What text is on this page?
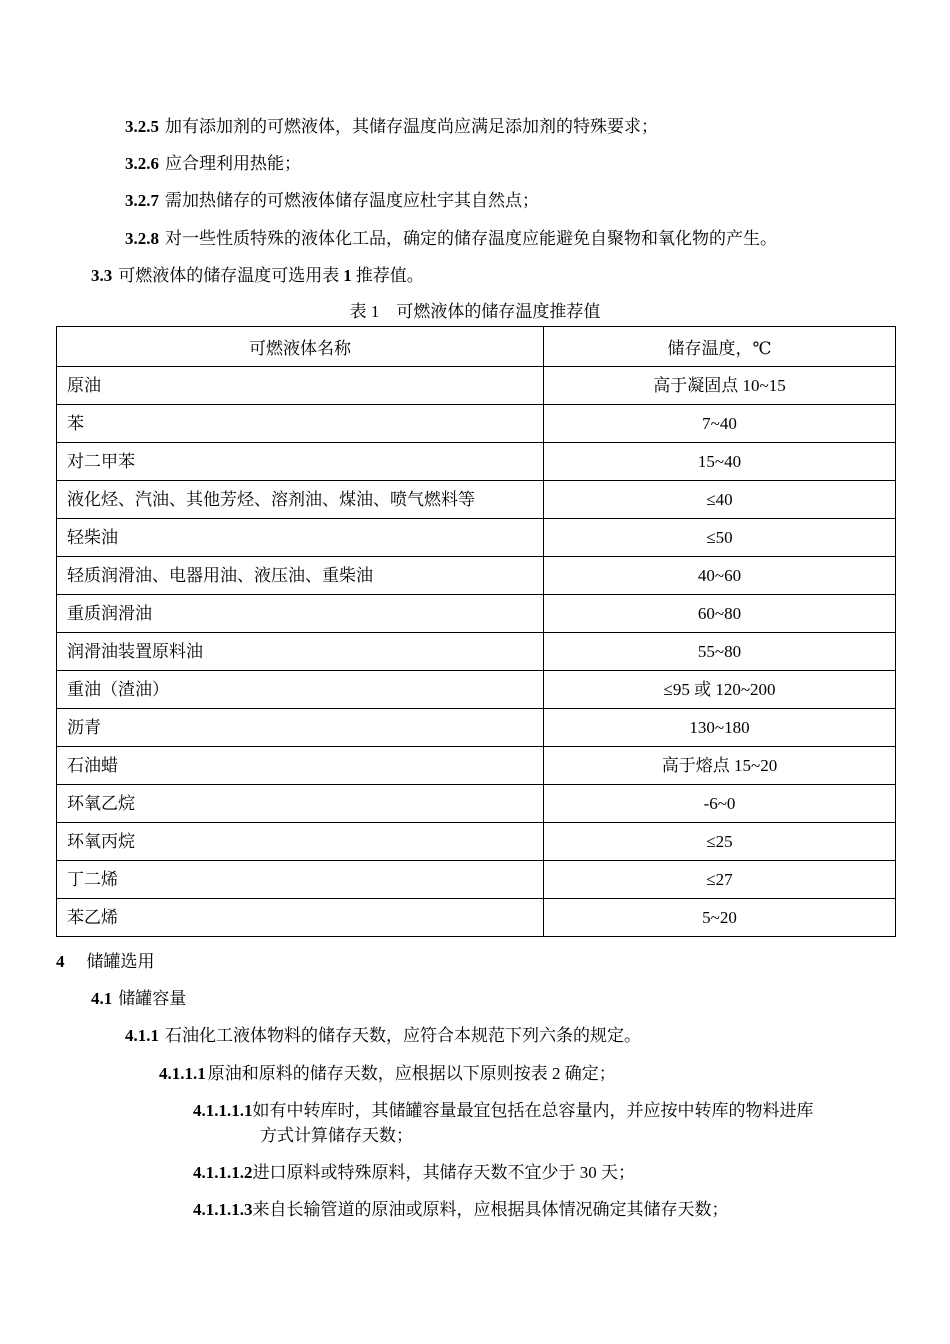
3.2.5 加有添加剂的可燃液体，其储存温度尚应满足添加剂的特殊要求；
3.2.6 应合理利用热能；
3.2.7 需加热储存的可燃液体储存温度应杜宇其自然点；
3.2.8 对一些性质特殊的液体化工品，确定的储存温度应能避免自聚物和氧化物的产生。
3.3 可燃液体的储存温度可选用表 1 推荐值。
表 1　可燃液体的储存温度推荐值
可燃液体名称	储存温度，℃
原油	高于凝固点 10~15
苯	7~40
对二甲苯	15~40
液化烃、汽油、其他芳烃、溶剂油、煤油、喷气燃料等	≤40
轻柴油	≤50
轻质润滑油、电器用油、液压油、重柴油	40~60
重质润滑油	60~80
润滑油装置原料油	55~80
重油（渣油）	≤95 或 120~200
沥青	130~180
石油蜡	高于熔点 15~20
环氧乙烷	-6~0
环氧丙烷	≤25
丁二烯	≤27
苯乙烯	5~20
4 储罐选用
4.1 储罐容量
4.1.1 石油化工液体物料的储存天数，应符合本规范下列六条的规定。
4.1.1.1 原油和原料的储存天数，应根据以下原则按表 2 确定；
4.1.1.1.1如有中转库时，其储罐容量最宜包括在总容量内，并应按中转库的物料进库
方式计算储存天数；
4.1.1.1.2进口原料或特殊原料，其储存天数不宜少于 30 天；
4.1.1.1.3来自长输管道的原油或原料，应根据具体情况确定其储存天数；
